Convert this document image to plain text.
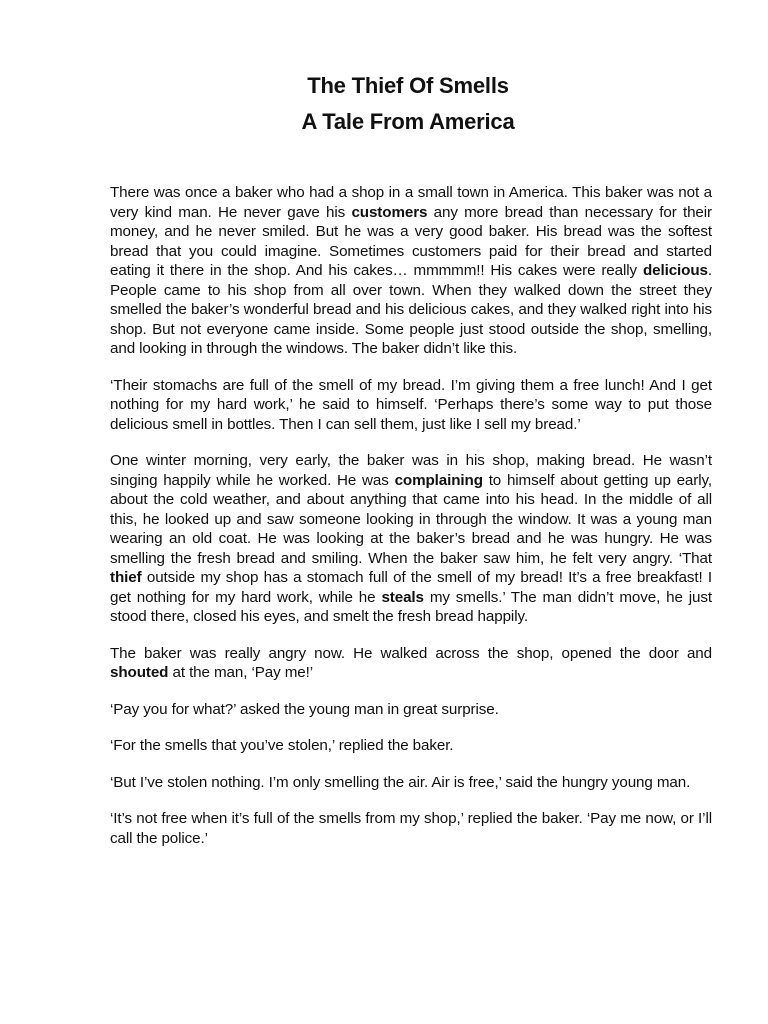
The Thief Of Smells
A Tale From America

There was once a baker who had a shop in a small town in America. This baker was not a very kind man. He never gave his customers any more bread than necessary for their money, and he never smiled. But he was a very good baker. His bread was the softest bread that you could imagine. Sometimes customers paid for their bread and started eating it there in the shop. And his cakes… mmmmm!! His cakes were really delicious. People came to his shop from all over town. When they walked down the street they smelled the baker’s wonderful bread and his delicious cakes, and they walked right into his shop. But not everyone came inside. Some people just stood outside the shop, smelling, and looking in through the windows. The baker didn’t like this.

‘Their stomachs are full of the smell of my bread. I’m giving them a free lunch! And I get nothing for my hard work,’ he said to himself. ‘Perhaps there’s some way to put those delicious smell in bottles. Then I can sell them, just like I sell my bread.’

One winter morning, very early, the baker was in his shop, making bread. He wasn’t singing happily while he worked. He was complaining to himself about getting up early, about the cold weather, and about anything that came into his head. In the middle of all this, he looked up and saw someone looking in through the window. It was a young man wearing an old coat. He was looking at the baker’s bread and he was hungry. He was smelling the fresh bread and smiling. When the baker saw him, he felt very angry. ‘That thief outside my shop has a stomach full of the smell of my bread! It’s a free breakfast! I get nothing for my hard work, while he steals my smells.’ The man didn’t move, he just stood there, closed his eyes, and smelt the fresh bread happily.

The baker was really angry now. He walked across the shop, opened the door and shouted at the man, ‘Pay me!’

‘Pay you for what?’ asked the young man in great surprise.

‘For the smells that you’ve stolen,’ replied the baker.

‘But I’ve stolen nothing. I’m only smelling the air. Air is free,’ said the hungry young man.

‘It’s not free when it’s full of the smells from my shop,’ replied the baker. ‘Pay me now, or I’ll call the police.’
